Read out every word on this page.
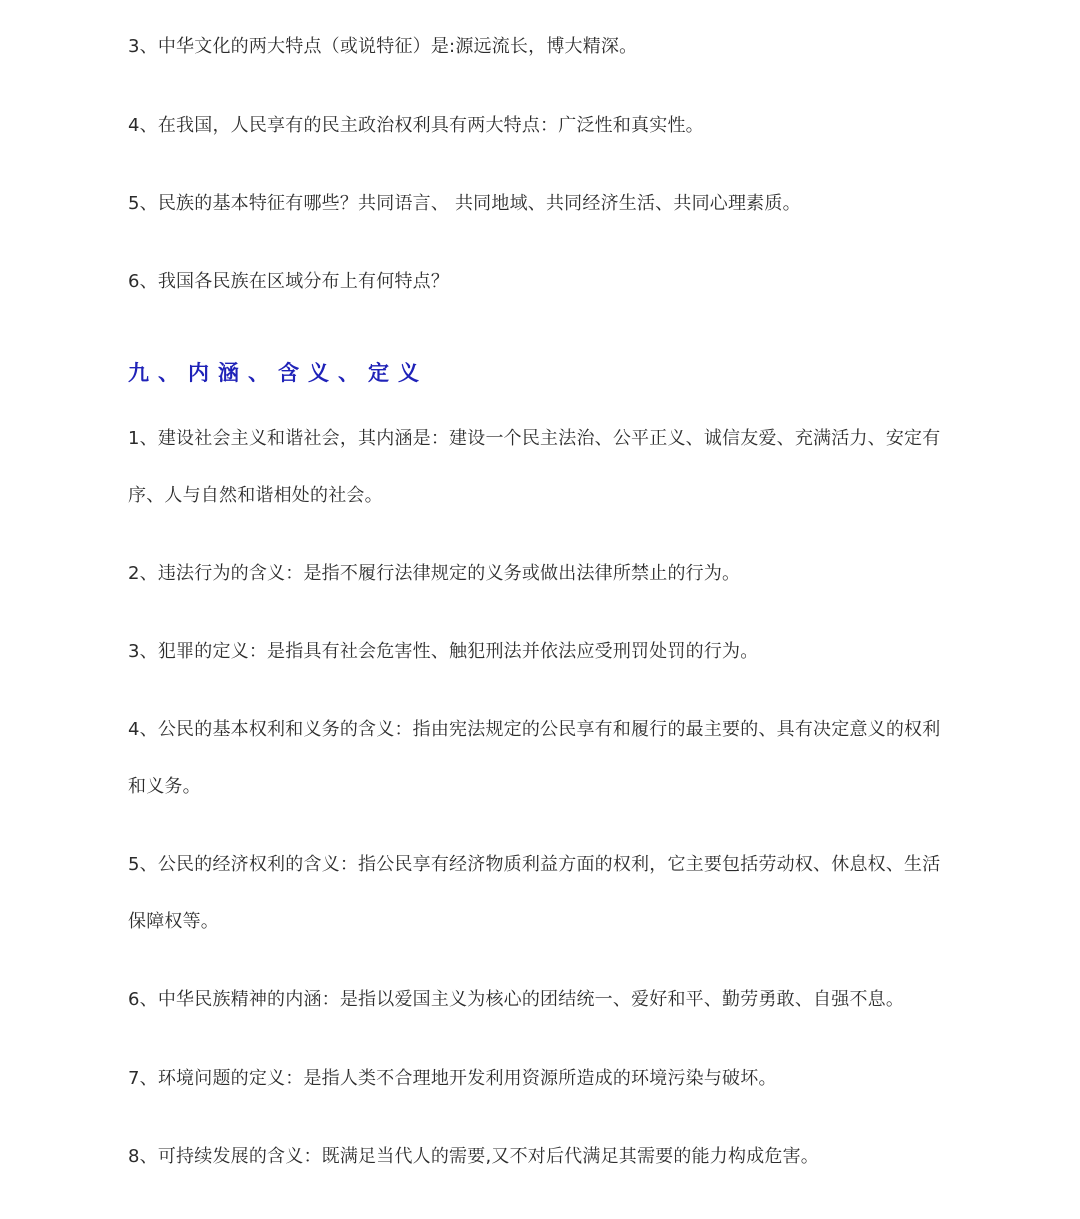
3、中华文化的两大特点（或说特征）是:源远流长，博大精深。

4、在我国，人民享有的民主政治权利具有两大特点：广泛性和真实性。

5、民族的基本特征有哪些？共同语言、 共同地域、共同经济生活、共同心理素质。

6、我国各民族在区域分布上有何特点？

九、内涵、含义、定义

1、建设社会主义和谐社会，其内涵是：建设一个民主法治、公平正义、诚信友爱、充满活力、安定有序、人与自然和谐相处的社会。

2、违法行为的含义：是指不履行法律规定的义务或做出法律所禁止的行为。

3、犯罪的定义：是指具有社会危害性、触犯刑法并依法应受刑罚处罚的行为。

4、公民的基本权利和义务的含义：指由宪法规定的公民享有和履行的最主要的、具有决定意义的权利和义务。

5、公民的经济权利的含义：指公民享有经济物质利益方面的权利，它主要包括劳动权、休息权、生活保障权等。

6、中华民族精神的内涵：是指以爱国主义为核心的团结统一、爱好和平、勤劳勇敢、自强不息。

7、环境问题的定义：是指人类不合理地开发利用资源所造成的环境污染与破坏。

8、可持续发展的含义：既满足当代人的需要,又不对后代满足其需要的能力构成危害。
